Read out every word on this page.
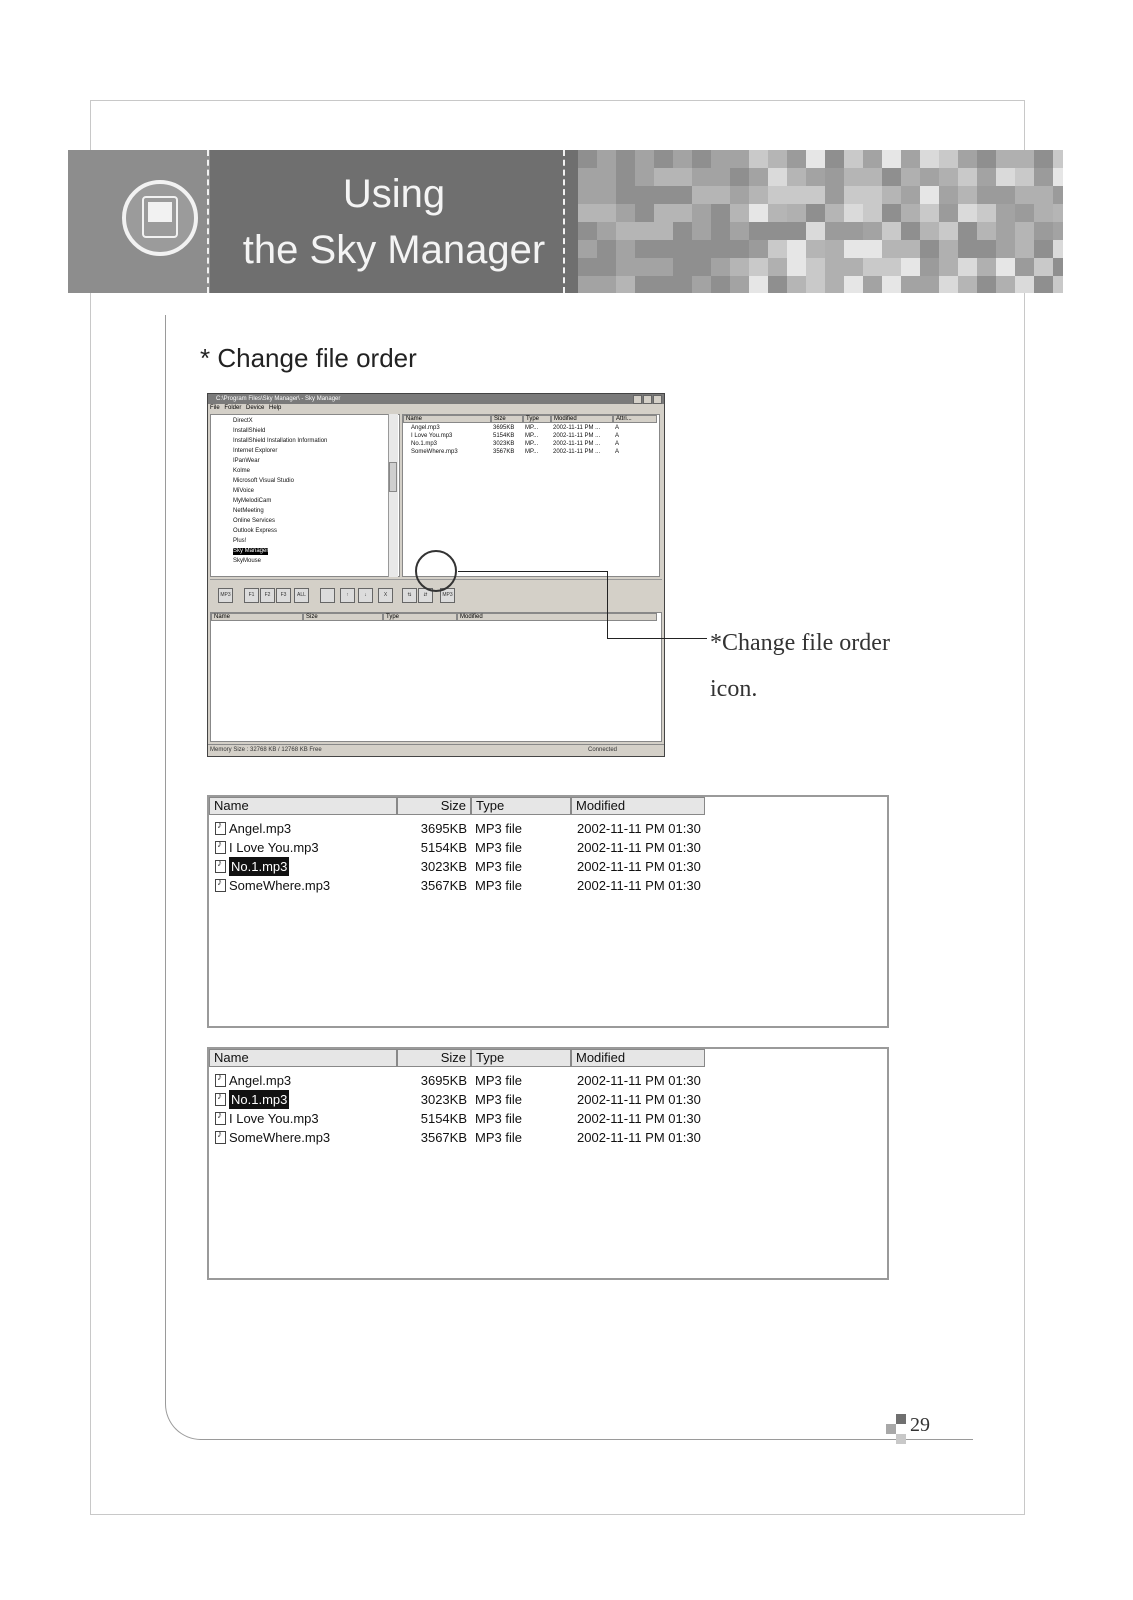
Using
the Sky Manager
* Change file order
C:\Program Files\Sky Manager\ - Sky Manager
File Folder Device Help
DirectX
InstallShield
InstallShield Installation Information
Internet Explorer
IPanWear
Kolme
Microsoft Visual Studio
MiVoice
MyMelodiCam
NetMeeting
Online Services
Outlook Express
Plus!
Sky Manager
SkyMouse
Name	Size	Type	Modified	Attri...
Angel.mp3	3695KB MP... 2002-11-11 PM ... A
I Love You.mp3	5154KB MP... 2002-11-11 PM ... A
No.1.mp3	3023KB MP... 2002-11-11 PM ... A
SomeWhere.mp3	3567KB MP... 2002-11-11 PM ... A
MP3	F1	F2	F3	ALL	↑	↓	X	⇅	⇵	MP3
Name	Size	Type	Modified
Memory Size : 32768 KB / 12768 KB Free	Connected
*Change file order
icon.
Name	Size Type	Modified
♪
Angel.mp3	3695KB MP3 file	2002-11-11 PM 01:30
♪
I Love You.mp3	5154KB MP3 file	2002-11-11 PM 01:30
♪
No.1.mp3	3023KB MP3 file	2002-11-11 PM 01:30
♪
SomeWhere.mp3	3567KB MP3 file	2002-11-11 PM 01:30
Name	Size Type	Modified
♪
Angel.mp3	3695KB MP3 file	2002-11-11 PM 01:30
♪
No.1.mp3	3023KB MP3 file	2002-11-11 PM 01:30
♪
I Love You.mp3	5154KB MP3 file	2002-11-11 PM 01:30
♪
SomeWhere.mp3	3567KB MP3 file	2002-11-11 PM 01:30
29
